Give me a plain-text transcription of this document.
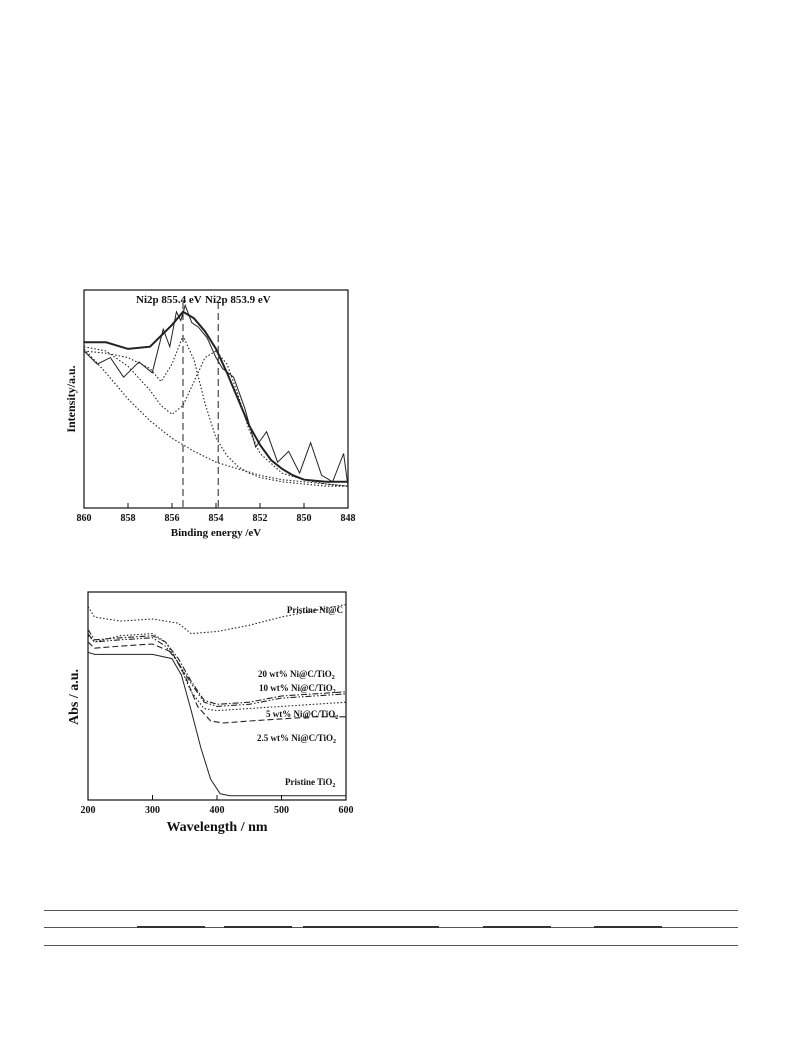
860	858	856	854	852	850	848
Ni2p 855.4 eV Ni2p 853.9 eV
Binding energy /eV
Intensity/a.u.
200	300	400	500	600
Pristine Ni@C
20 wt% Ni@C/TiO$_2$
10 wt% Ni@C/TiO$_2$
5 wt% Ni@C/TiO$_2$
2.5 wt% Ni@C/TiO$_2$
Pristine TiO$_2$
Wavelength / nm
Abs / a.u.
